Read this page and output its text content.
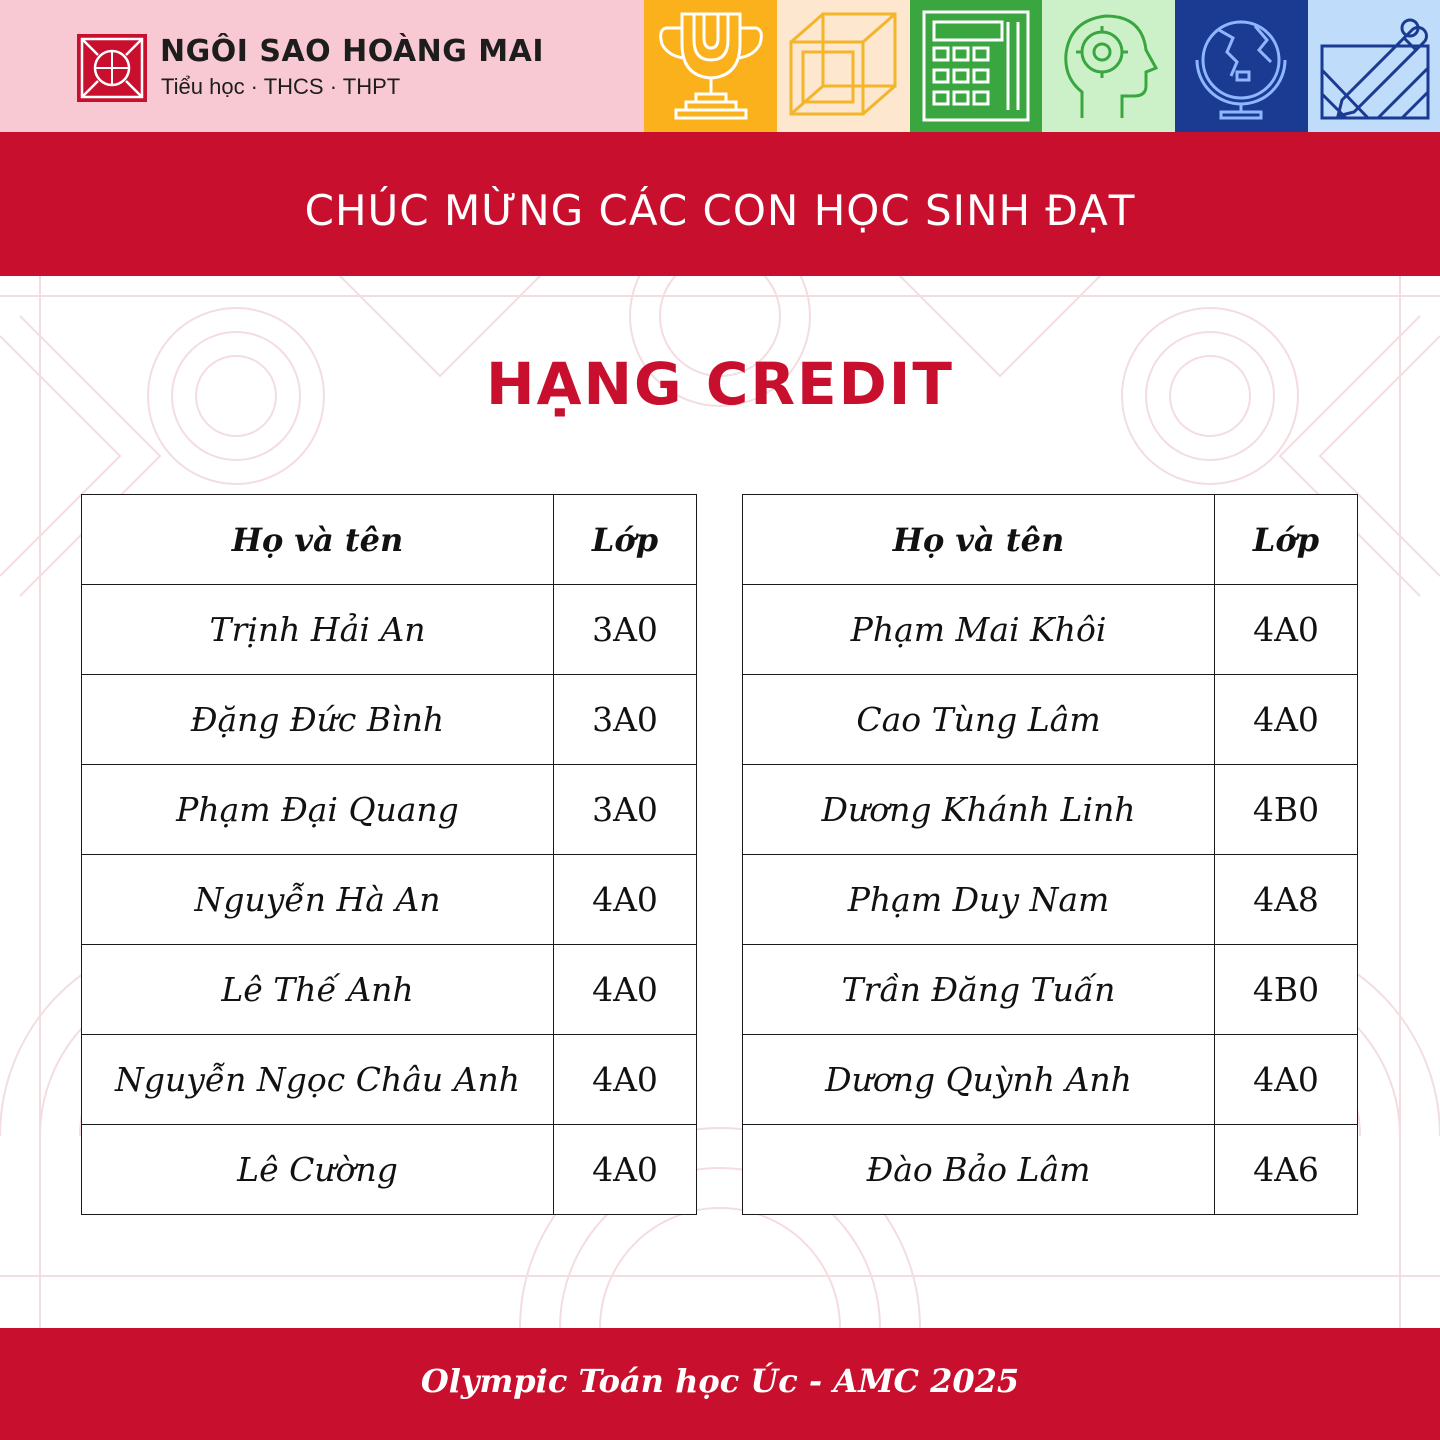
NGÔI SAO HOÀNG MAI
Tiểu học · THCS · THPT
CHÚC MỪNG CÁC CON HỌC SINH ĐẠT
HẠNG CREDIT
Họ và tên	Lớp
Trịnh Hải An	3A0
Đặng Đức Bình	3A0
Phạm Đại Quang	3A0
Nguyễn Hà An	4A0
Lê Thế Anh	4A0
Nguyễn Ngọc Châu Anh	4A0
Lê Cường	4A0
Họ và tên	Lớp
Phạm Mai Khôi	4A0
Cao Tùng Lâm	4A0
Dương Khánh Linh	4B0
Phạm Duy Nam	4A8
Trần Đăng Tuấn	4B0
Dương Quỳnh Anh	4A0
Đào Bảo Lâm	4A6
Olympic Toán học Úc - AMC 2025
